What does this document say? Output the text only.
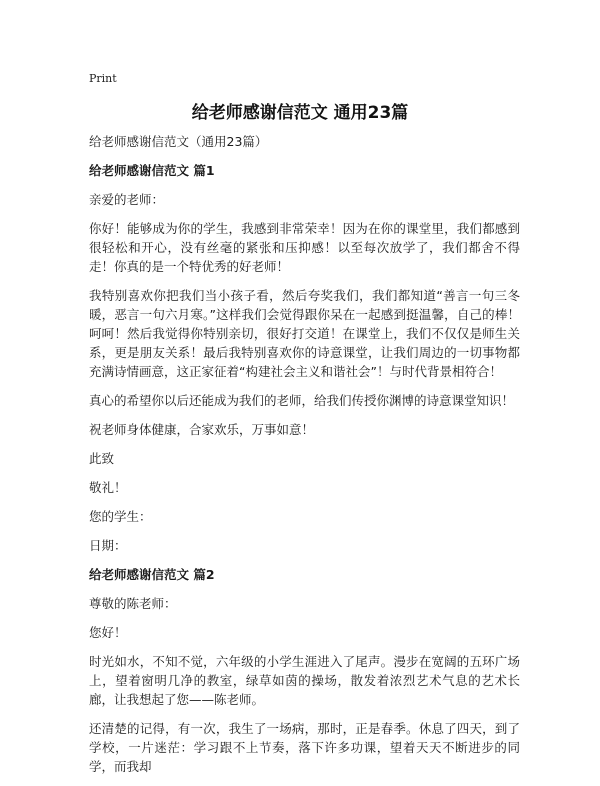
Print
给老师感谢信范文 通用23篇
给老师感谢信范文（通用23篇）
给老师感谢信范文 篇1
亲爱的老师：
你好！能够成为你的学生，我感到非常荣幸！因为在你的课堂里，我们都感到很轻松和开心，没有丝毫的紧张和压抑感！以至每次放学了，我们都舍不得走！你真的是一个特优秀的好老师！
我特别喜欢你把我们当小孩子看，然后夸奖我们，我们都知道“善言一句三冬暖，恶言一句六月寒。”这样我们会觉得跟你呆在一起感到挺温馨，自己的棒！呵呵！然后我觉得你特别亲切，很好打交道！在课堂上，我们不仅仅是师生关系，更是朋友关系！最后我特别喜欢你的诗意课堂，让我们周边的一切事物都充满诗情画意，这正家征着“构建社会主义和谐社会”！与时代背景相符合！
真心的希望你以后还能成为我们的老师，给我们传授你渊博的诗意课堂知识！
祝老师身体健康，合家欢乐，万事如意！
此致
敬礼！
您的学生：
日期：
给老师感谢信范文 篇2
尊敬的陈老师：
您好！
时光如水，不知不觉，六年级的小学生涯进入了尾声。漫步在宽阔的五环广场上，望着窗明几净的教室，绿草如茵的操场，散发着浓烈艺术气息的艺术长廊，让我想起了您——陈老师。
还清楚的记得，有一次，我生了一场病，那时，正是春季。休息了四天，到了学校，一片迷茫：学习跟不上节奏，落下许多功课，望着天天不断进步的同学，而我却
